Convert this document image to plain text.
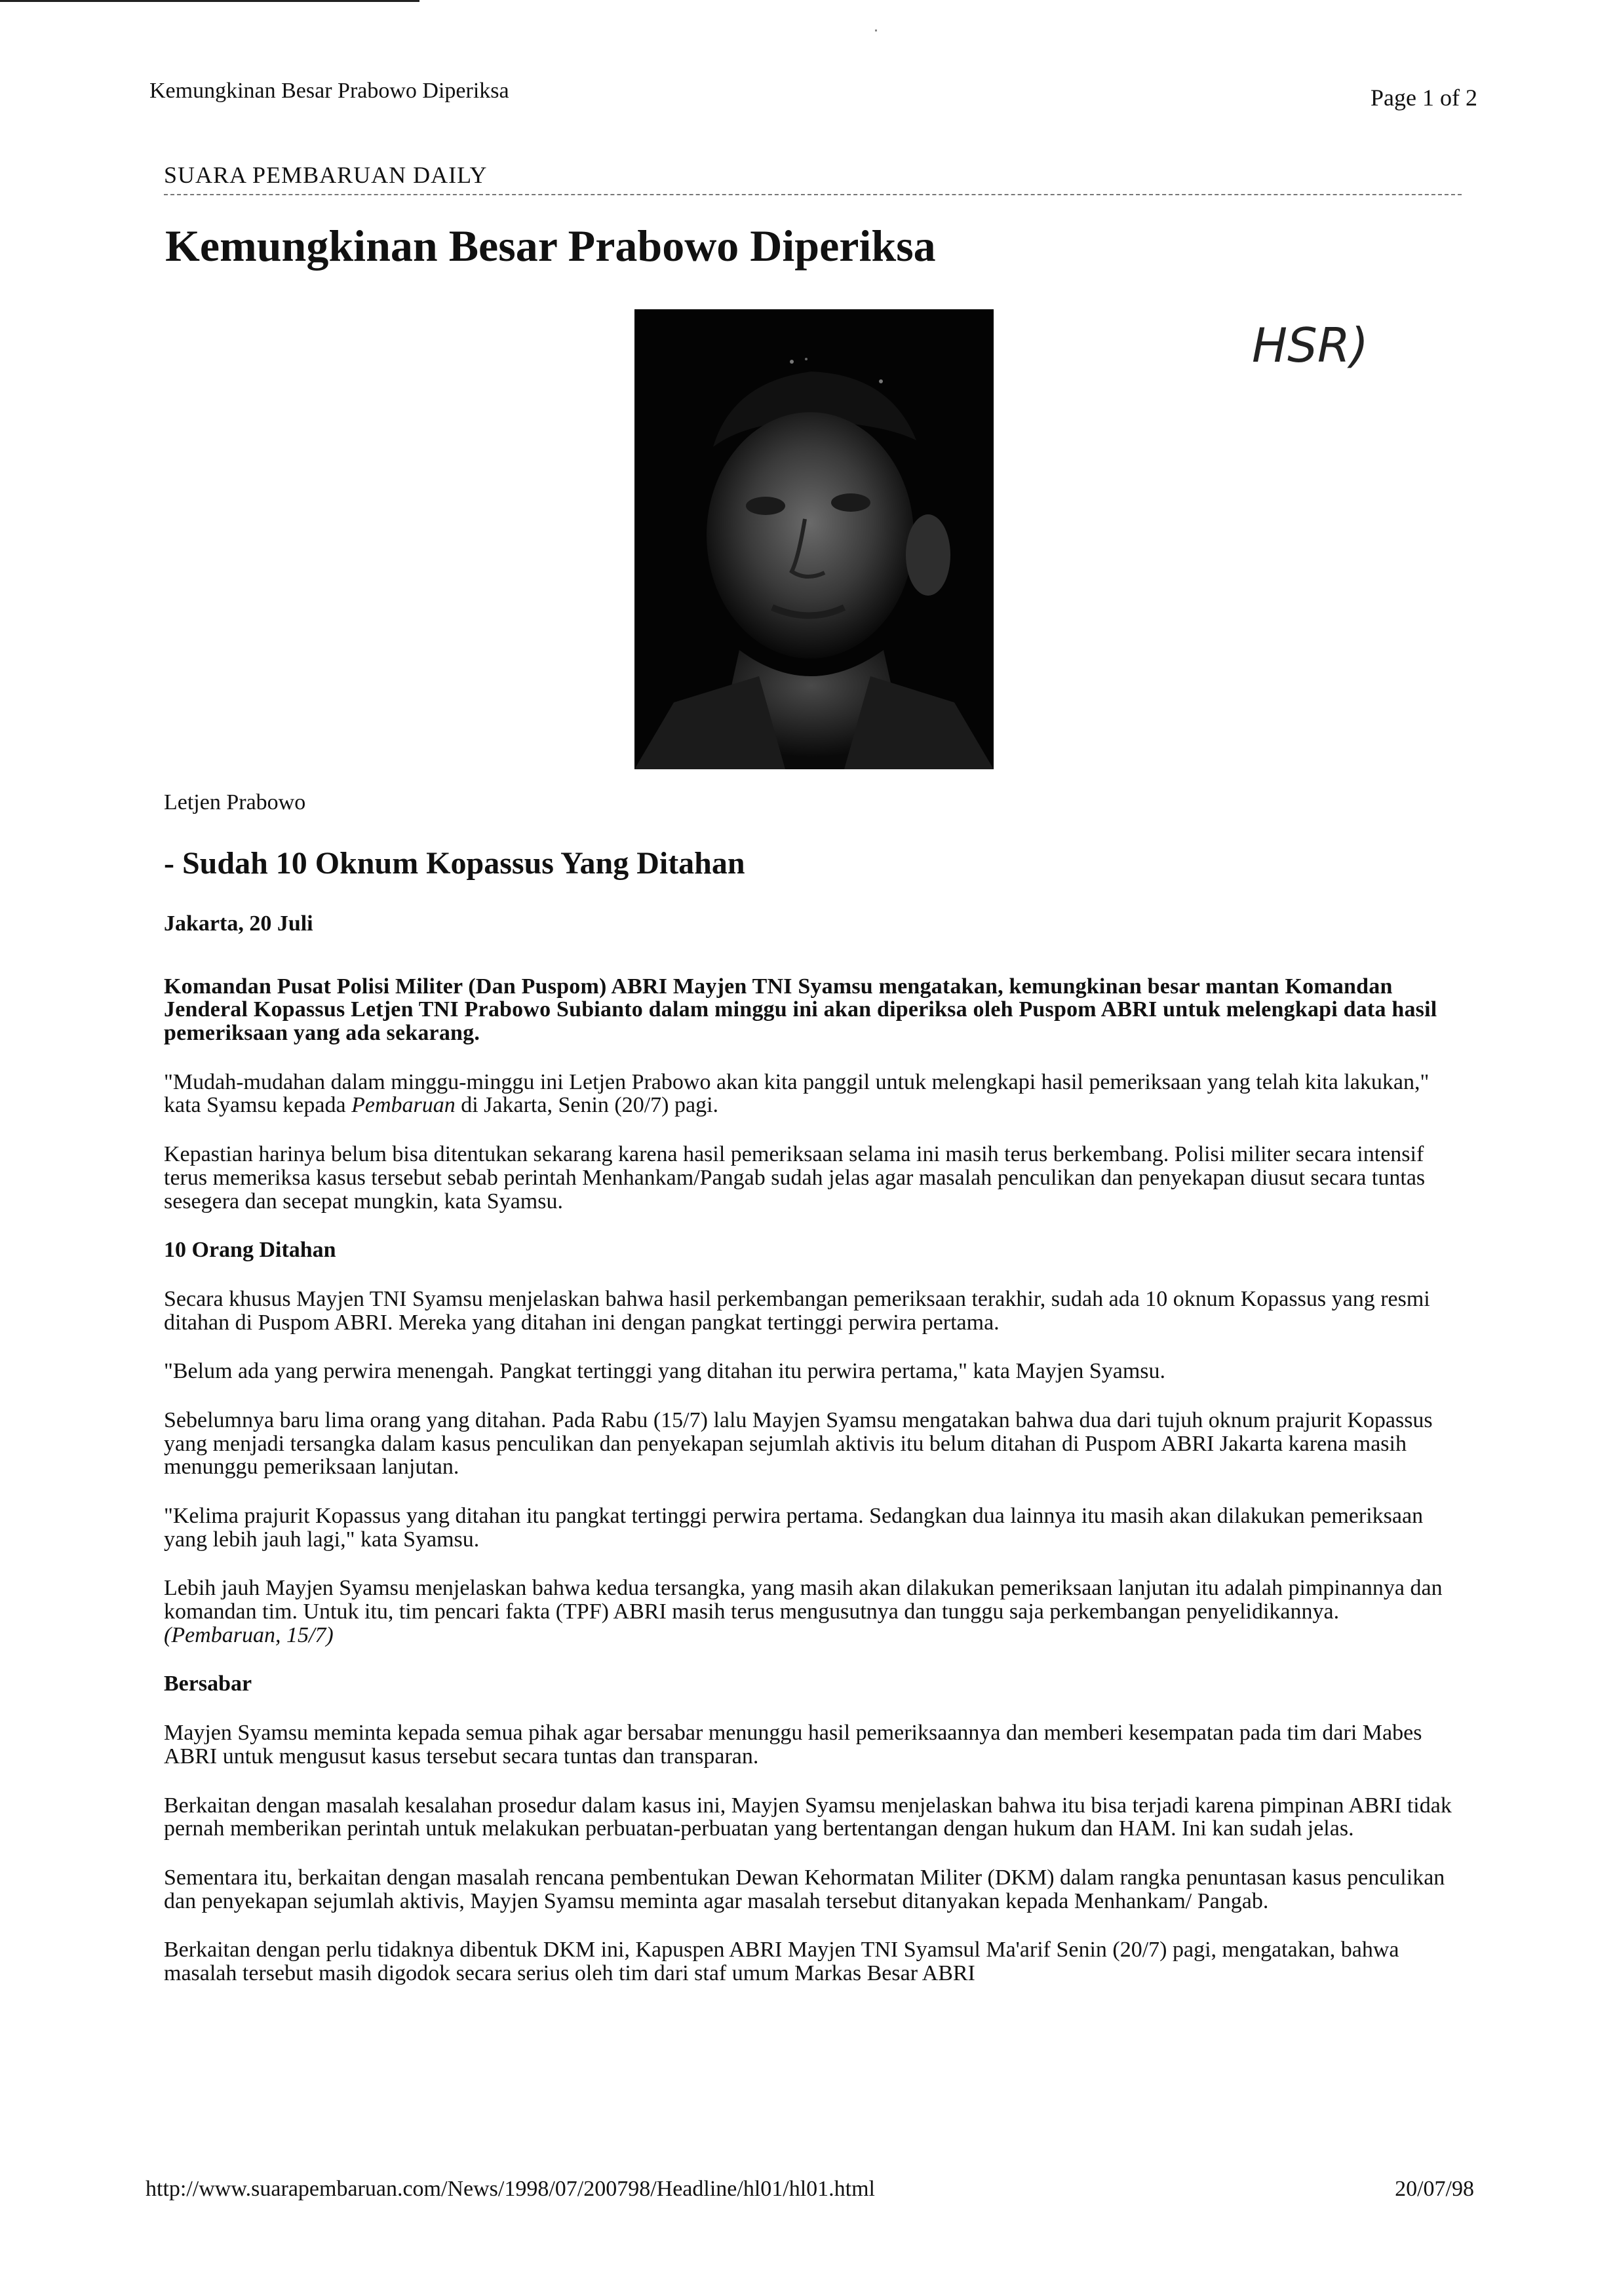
Kemungkinan Besar Prabowo Diperiksa	Page 1 of 2
SUARA PEMBARUAN DAILY
Kemungkinan Besar Prabowo Diperiksa
HSR)
Letjen Prabowo
- Sudah 10 Oknum Kopassus Yang Ditahan

Jakarta, 20 Juli

Komandan Pusat Polisi Militer (Dan Puspom) ABRI Mayjen TNI Syamsu mengatakan, kemungkinan besar mantan Komandan Jenderal Kopassus Letjen TNI Prabowo Subianto dalam minggu ini akan diperiksa oleh Puspom ABRI untuk melengkapi data hasil pemeriksaan yang ada sekarang.

"Mudah-mudahan dalam minggu-minggu ini Letjen Prabowo akan kita panggil untuk melengkapi hasil pemeriksaan yang telah kita lakukan," kata Syamsu kepada Pembaruan di Jakarta, Senin (20/7) pagi.

Kepastian harinya belum bisa ditentukan sekarang karena hasil pemeriksaan selama ini masih terus berkembang. Polisi militer secara intensif terus memeriksa kasus tersebut sebab perintah Menhankam/Pangab sudah jelas agar masalah penculikan dan penyekapan diusut secara tuntas sesegera dan secepat mungkin, kata Syamsu.

10 Orang Ditahan

Secara khusus Mayjen TNI Syamsu menjelaskan bahwa hasil perkembangan pemeriksaan terakhir, sudah ada 10 oknum Kopassus yang resmi ditahan di Puspom ABRI. Mereka yang ditahan ini dengan pangkat tertinggi perwira pertama.

"Belum ada yang perwira menengah. Pangkat tertinggi yang ditahan itu perwira pertama," kata Mayjen Syamsu.

Sebelumnya baru lima orang yang ditahan. Pada Rabu (15/7) lalu Mayjen Syamsu mengatakan bahwa dua dari tujuh oknum prajurit Kopassus yang menjadi tersangka dalam kasus penculikan dan penyekapan sejumlah aktivis itu belum ditahan di Puspom ABRI Jakarta karena masih menunggu pemeriksaan lanjutan.

"Kelima prajurit Kopassus yang ditahan itu pangkat tertinggi perwira pertama. Sedangkan dua lainnya itu masih akan dilakukan pemeriksaan yang lebih jauh lagi," kata Syamsu.

Lebih jauh Mayjen Syamsu menjelaskan bahwa kedua tersangka, yang masih akan dilakukan pemeriksaan lanjutan itu adalah pimpinannya dan komandan tim. Untuk itu, tim pencari fakta (TPF) ABRI masih terus mengusutnya dan tunggu saja perkembangan penyelidikannya. (Pembaruan, 15/7)

Bersabar

Mayjen Syamsu meminta kepada semua pihak agar bersabar menunggu hasil pemeriksaannya dan memberi kesempatan pada tim dari Mabes ABRI untuk mengusut kasus tersebut secara tuntas dan transparan.

Berkaitan dengan masalah kesalahan prosedur dalam kasus ini, Mayjen Syamsu menjelaskan bahwa itu bisa terjadi karena pimpinan ABRI tidak pernah memberikan perintah untuk melakukan perbuatan-perbuatan yang bertentangan dengan hukum dan HAM. Ini kan sudah jelas.

Sementara itu, berkaitan dengan masalah rencana pembentukan Dewan Kehormatan Militer (DKM) dalam rangka penuntasan kasus penculikan dan penyekapan sejumlah aktivis, Mayjen Syamsu meminta agar masalah tersebut ditanyakan kepada Menhankam/ Pangab.

Berkaitan dengan perlu tidaknya dibentuk DKM ini, Kapuspen ABRI Mayjen TNI Syamsul Ma'arif Senin (20/7) pagi, mengatakan, bahwa masalah tersebut masih digodok secara serius oleh tim dari staf umum Markas Besar ABRI

http://www.suarapembaruan.com/News/1998/07/200798/Headline/hl01/hl01.html	20/07/98
